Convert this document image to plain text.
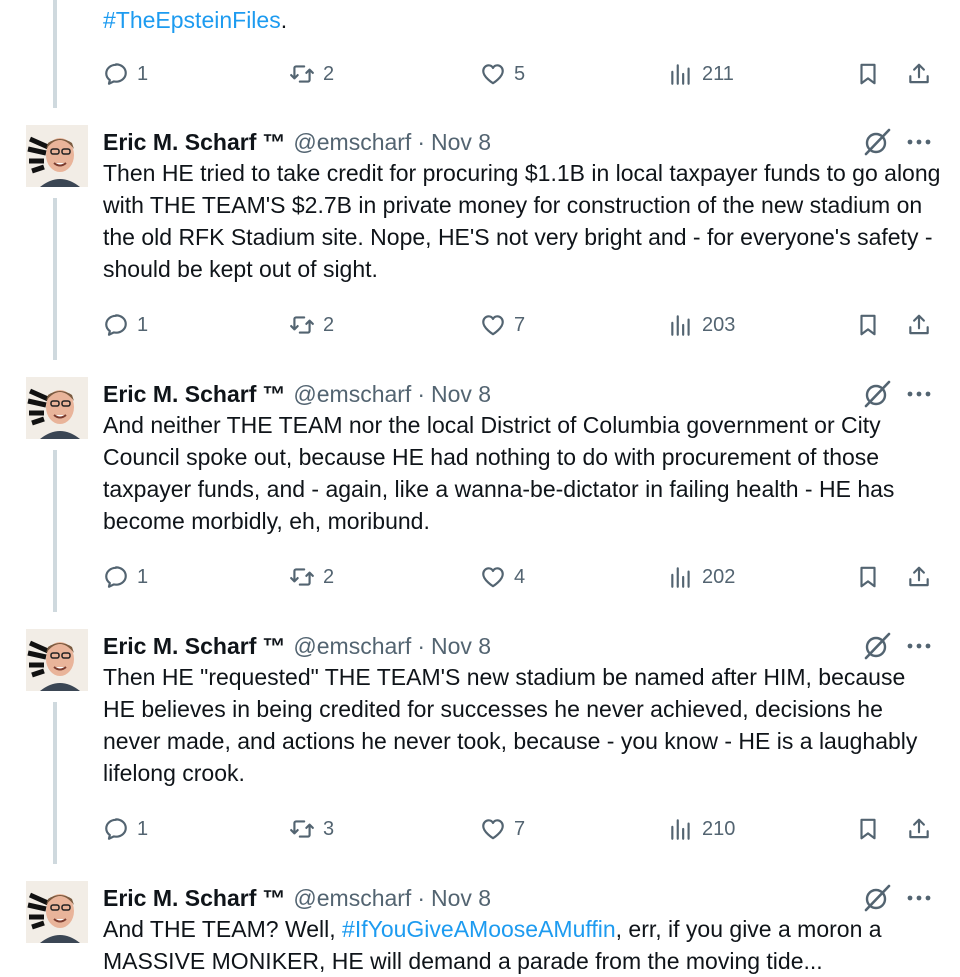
#TheEpsteinFiles.
1	2	5	211
Eric M. Scharf ™ @emscharf · Nov 8
Then HE tried to take credit for procuring $1.1B in local taxpayer funds to go along with THE TEAM'S $2.7B in private money for construction of the new stadium on the old RFK Stadium site. Nope, HE'S not very bright and - for everyone's safety - should be kept out of sight.
1	2	7	203
Eric M. Scharf ™ @emscharf · Nov 8
And neither THE TEAM nor the local District of Columbia government or City Council spoke out, because HE had nothing to do with procurement of those taxpayer funds, and - again, like a wanna-be-dictator in failing health - HE has become morbidly, eh, moribund.
1	2	4	202
Eric M. Scharf ™ @emscharf · Nov 8
Then HE "requested" THE TEAM'S new stadium be named after HIM, because HE believes in being credited for successes he never achieved, decisions he never made, and actions he never took, because - you know - HE is a laughably lifelong crook.
1	3	7	210
Eric M. Scharf ™ @emscharf · Nov 8
And THE TEAM? Well, #IfYouGiveAMooseAMuffin, err, if you give a moron a MASSIVE MONIKER, HE will demand a parade from the moving tide...
